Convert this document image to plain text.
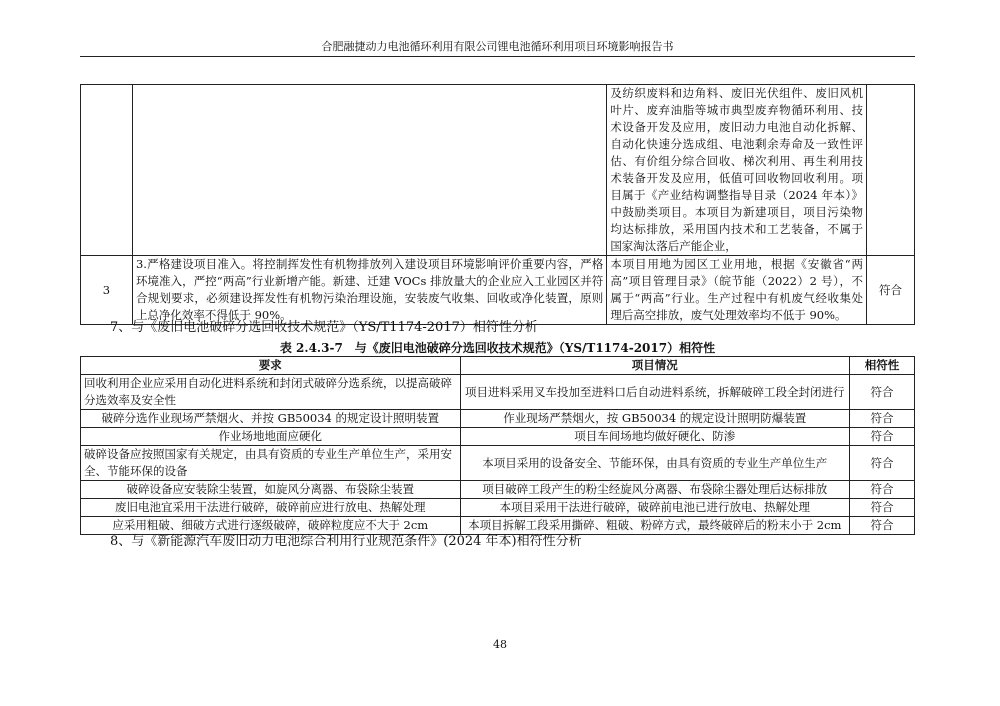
合肥融捷动力电池循环利用有限公司锂电池循环利用项目环境影响报告书
		及纺织废料和边角料、废旧光伏组件、废旧风机叶片、废弃油脂等城市典型废弃物循环利用、技术设备开发及应用，废旧动力电池自动化拆解、自动化快速分选成组、电池剩余寿命及一致性评估、有价组分综合回收、梯次利用、再生利用技术装备开发及应用，低值可回收物回收利用。项目属于《产业结构调整指导目录（2024 年本）》中鼓励类项目。本项目为新建项目，项目污染物均达标排放，采用国内技术和工艺装备，不属于国家淘汰落后产能企业，	
3	3.严格建设项目准入。将控制挥发性有机物排放列入建设项目环境影响评价重要内容，严格环境准入，严控“两高”行业新增产能。新建、迁建 VOCs 排放量大的企业应入工业园区并符合规划要求，必须建设挥发性有机物污染治理设施，安装废气收集、回收或净化装置，原则上总净化效率不得低于 90%。	本项目用地为园区工业用地，根据《安徽省“两高”项目管理目录》（皖节能（2022）2 号），不属于“两高”行业。生产过程中有机废气经收集处理后高空排放，废气处理效率均不低于 90%。	符合
7、与《废旧电池破碎分选回收技术规范》（YS/T1174-2017）相符性分析
表 2.4.3-7　与《废旧电池破碎分选回收技术规范》（YS/T1174-2017）相符性
要求	项目情况	相符性
回收利用企业应采用自动化进料系统和封闭式破碎分选系统，以提高破碎分选效率及安全性	项目进料采用叉车投加至进料口后自动进料系统，拆解破碎工段全封闭进行	符合
破碎分选作业现场严禁烟火、并按 GB50034 的规定设计照明装置	作业现场严禁烟火，按 GB50034 的规定设计照明防爆装置	符合
作业场地地面应硬化	项目车间场地均做好硬化、防渗	符合
破碎设备应按照国家有关规定，由具有资质的专业生产单位生产，采用安全、节能环保的设备	本项目采用的设备安全、节能环保，由具有资质的专业生产单位生产	符合
破碎设备应安装除尘装置，如旋风分离器、布袋除尘装置	项目破碎工段产生的粉尘经旋风分离器、布袋除尘器处理后达标排放	符合
废旧电池宜采用干法进行破碎，破碎前应进行放电、热解处理	本项目采用干法进行破碎，破碎前电池已进行放电、热解处理	符合
应采用粗破、细破方式进行逐级破碎，破碎粒度应不大于 2cm	本项目拆解工段采用撕碎、粗破、粉碎方式，最终破碎后的粉末小于 2cm	符合
8、与《新能源汽车废旧动力电池综合利用行业规范条件》(2024 年本)相符性分析
48
